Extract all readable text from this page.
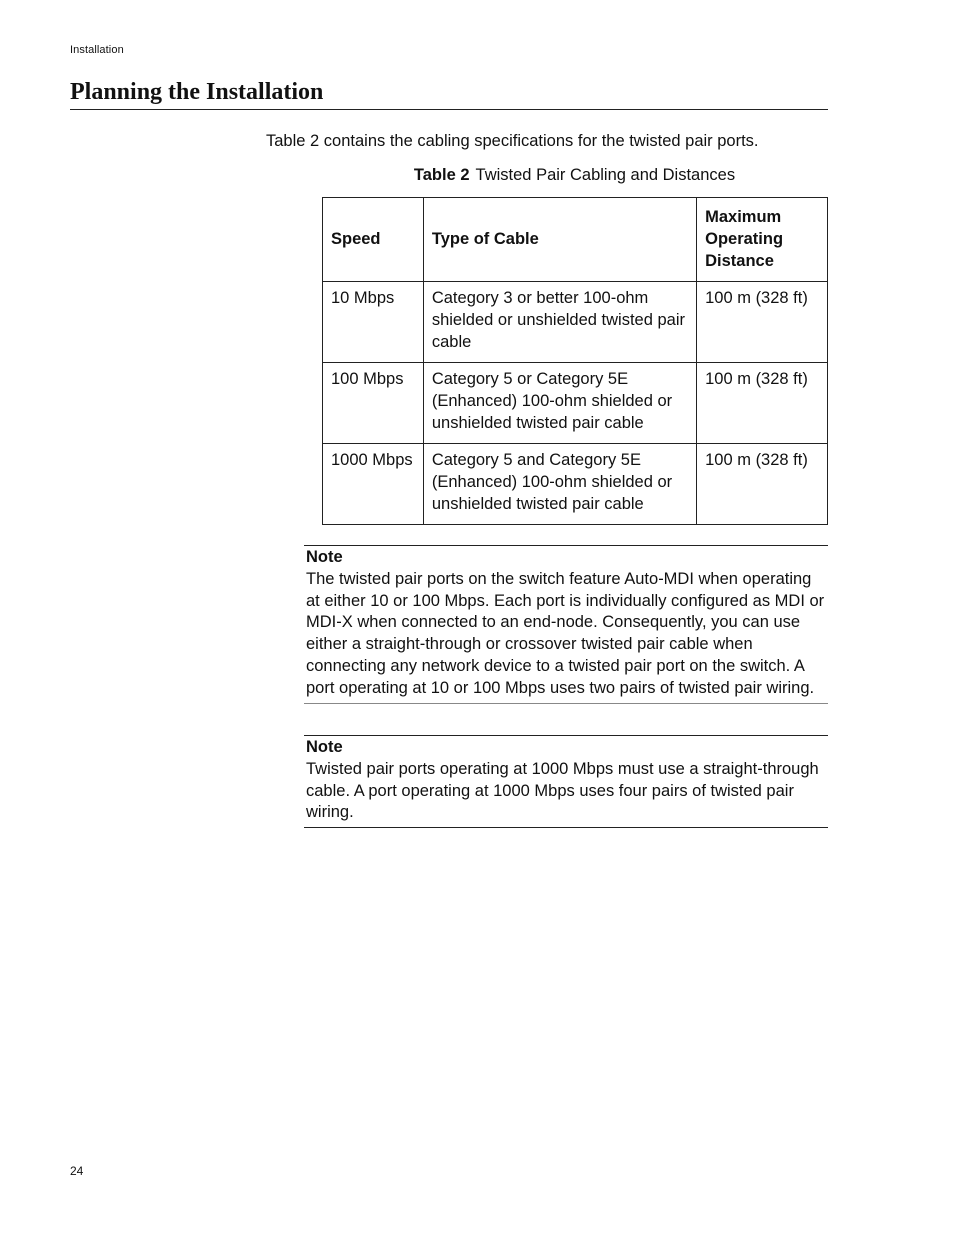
Installation
Planning the Installation

Table 2 contains the cabling specifications for the twisted pair ports.

Table 2 Twisted Pair Cabling and Distances
Speed	Type of Cable	Maximum Operating Distance
10 Mbps	Category 3 or better 100-ohm shielded or unshielded twisted pair cable	100 m (328 ft)
100 Mbps	Category 5 or Category 5E (Enhanced) 100-ohm shielded or unshielded twisted pair cable	100 m (328 ft)
1000 Mbps	Category 5 and Category 5E (Enhanced) 100-ohm shielded or unshielded twisted pair cable	100 m (328 ft)
Note

The twisted pair ports on the switch feature Auto-MDI when operating at either 10 or 100 Mbps. Each port is individually configured as MDI or MDI-X when connected to an end-node. Consequently, you can use either a straight-through or crossover twisted pair cable when connecting any network device to a twisted pair port on the switch. A port operating at 10 or 100 Mbps uses two pairs of twisted pair wiring.

Note

Twisted pair ports operating at 1000 Mbps must use a straight-through cable. A port operating at 1000 Mbps uses four pairs of twisted pair wiring.

24
